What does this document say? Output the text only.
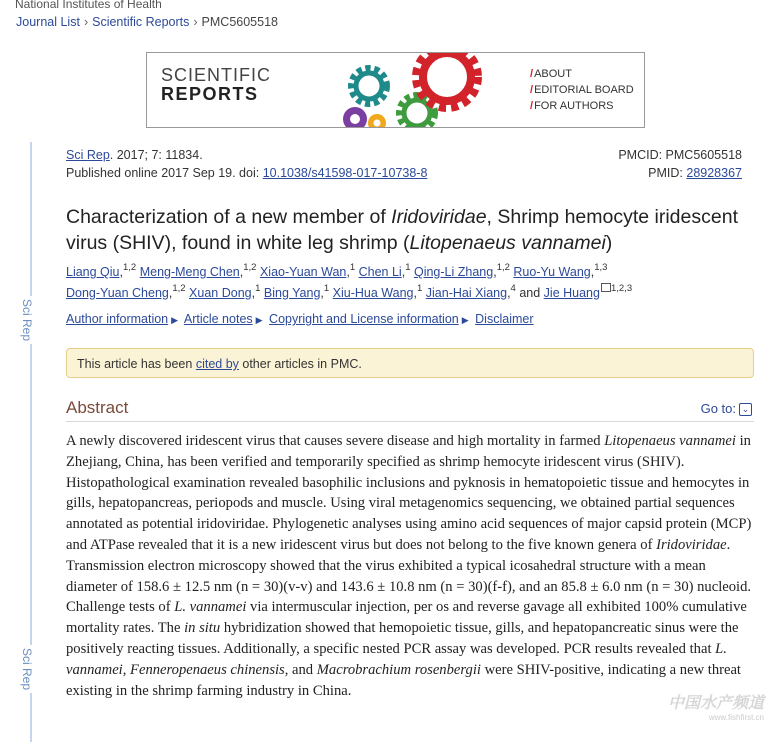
National Institutes of Health
Journal List › Scientific Reports › PMC5605518
SCIENTIFIC
REPORTS
/ABOUT
/EDITORIAL BOARD
/FOR AUTHORS
Sci Rep
Sci Rep
Sci Rep. 2017; 7: 11834.
Published online 2017 Sep 19. doi: 10.1038/s41598-017-10738-8
PMCID: PMC5605518
PMID: 28928367
Characterization of a new member of Iridoviridae, Shrimp hemocyte iridescent virus (SHIV), found in white leg shrimp (Litopenaeus vannamei)
Liang Qiu,$^{1,2}$ Meng-Meng Chen,$^{1,2}$ Xiao-Yuan Wan,$^1$ Chen Li,$^1$ Qing-Li Zhang,$^{1,2}$ Ruo-Yu Wang,$^{1,3}$
Dong-Yuan Cheng,$^{1,2}$ Xuan Dong,$^1$ Bing Yang,$^1$ Xiu-Hua Wang,$^1$ Jian-Hai Xiang,$^4$ and Jie Huang $^{1,2,3}$
Author information ▶ Article notes ▶ Copyright and License information ▶ Disclaimer
This article has been cited by other articles in PMC.
Abstract	Go to: ⌄
A newly discovered iridescent virus that causes severe disease and high mortality in farmed Litopenaeus vannamei in Zhejiang, China, has been verified and temporarily specified as shrimp hemocyte iridescent virus (SHIV). Histopathological examination revealed basophilic inclusions and pyknosis in hematopoietic tissue and hemocytes in gills, hepatopancreas, periopods and muscle. Using viral metagenomics sequencing, we obtained partial sequences annotated as potential iridoviridae. Phylogenetic analyses using amino acid sequences of major capsid protein (MCP) and ATPase revealed that it is a new iridescent virus but does not belong to the five known genera of Iridoviridae. Transmission electron microscopy showed that the virus exhibited a typical icosahedral structure with a mean diameter of 158.6 ± 12.5 nm (n = 30)(v-v) and 143.6 ± 10.8 nm (n = 30)(f-f), and an 85.8 ± 6.0 nm (n = 30) nucleoid. Challenge tests of L. vannamei via intermuscular injection, per os and reverse gavage all exhibited 100% cumulative mortality rates. The in situ hybridization showed that hemopoietic tissue, gills, and hepatopancreatic sinus were the positively reacting tissues. Additionally, a specific nested PCR assay was developed. PCR results revealed that L. vannamei, Fenneropenaeus chinensis, and Macrobrachium rosenbergii were SHIV-positive, indicating a new threat existing in the shrimp farming industry in China.
中国水产频道
www.fishfirst.cn
